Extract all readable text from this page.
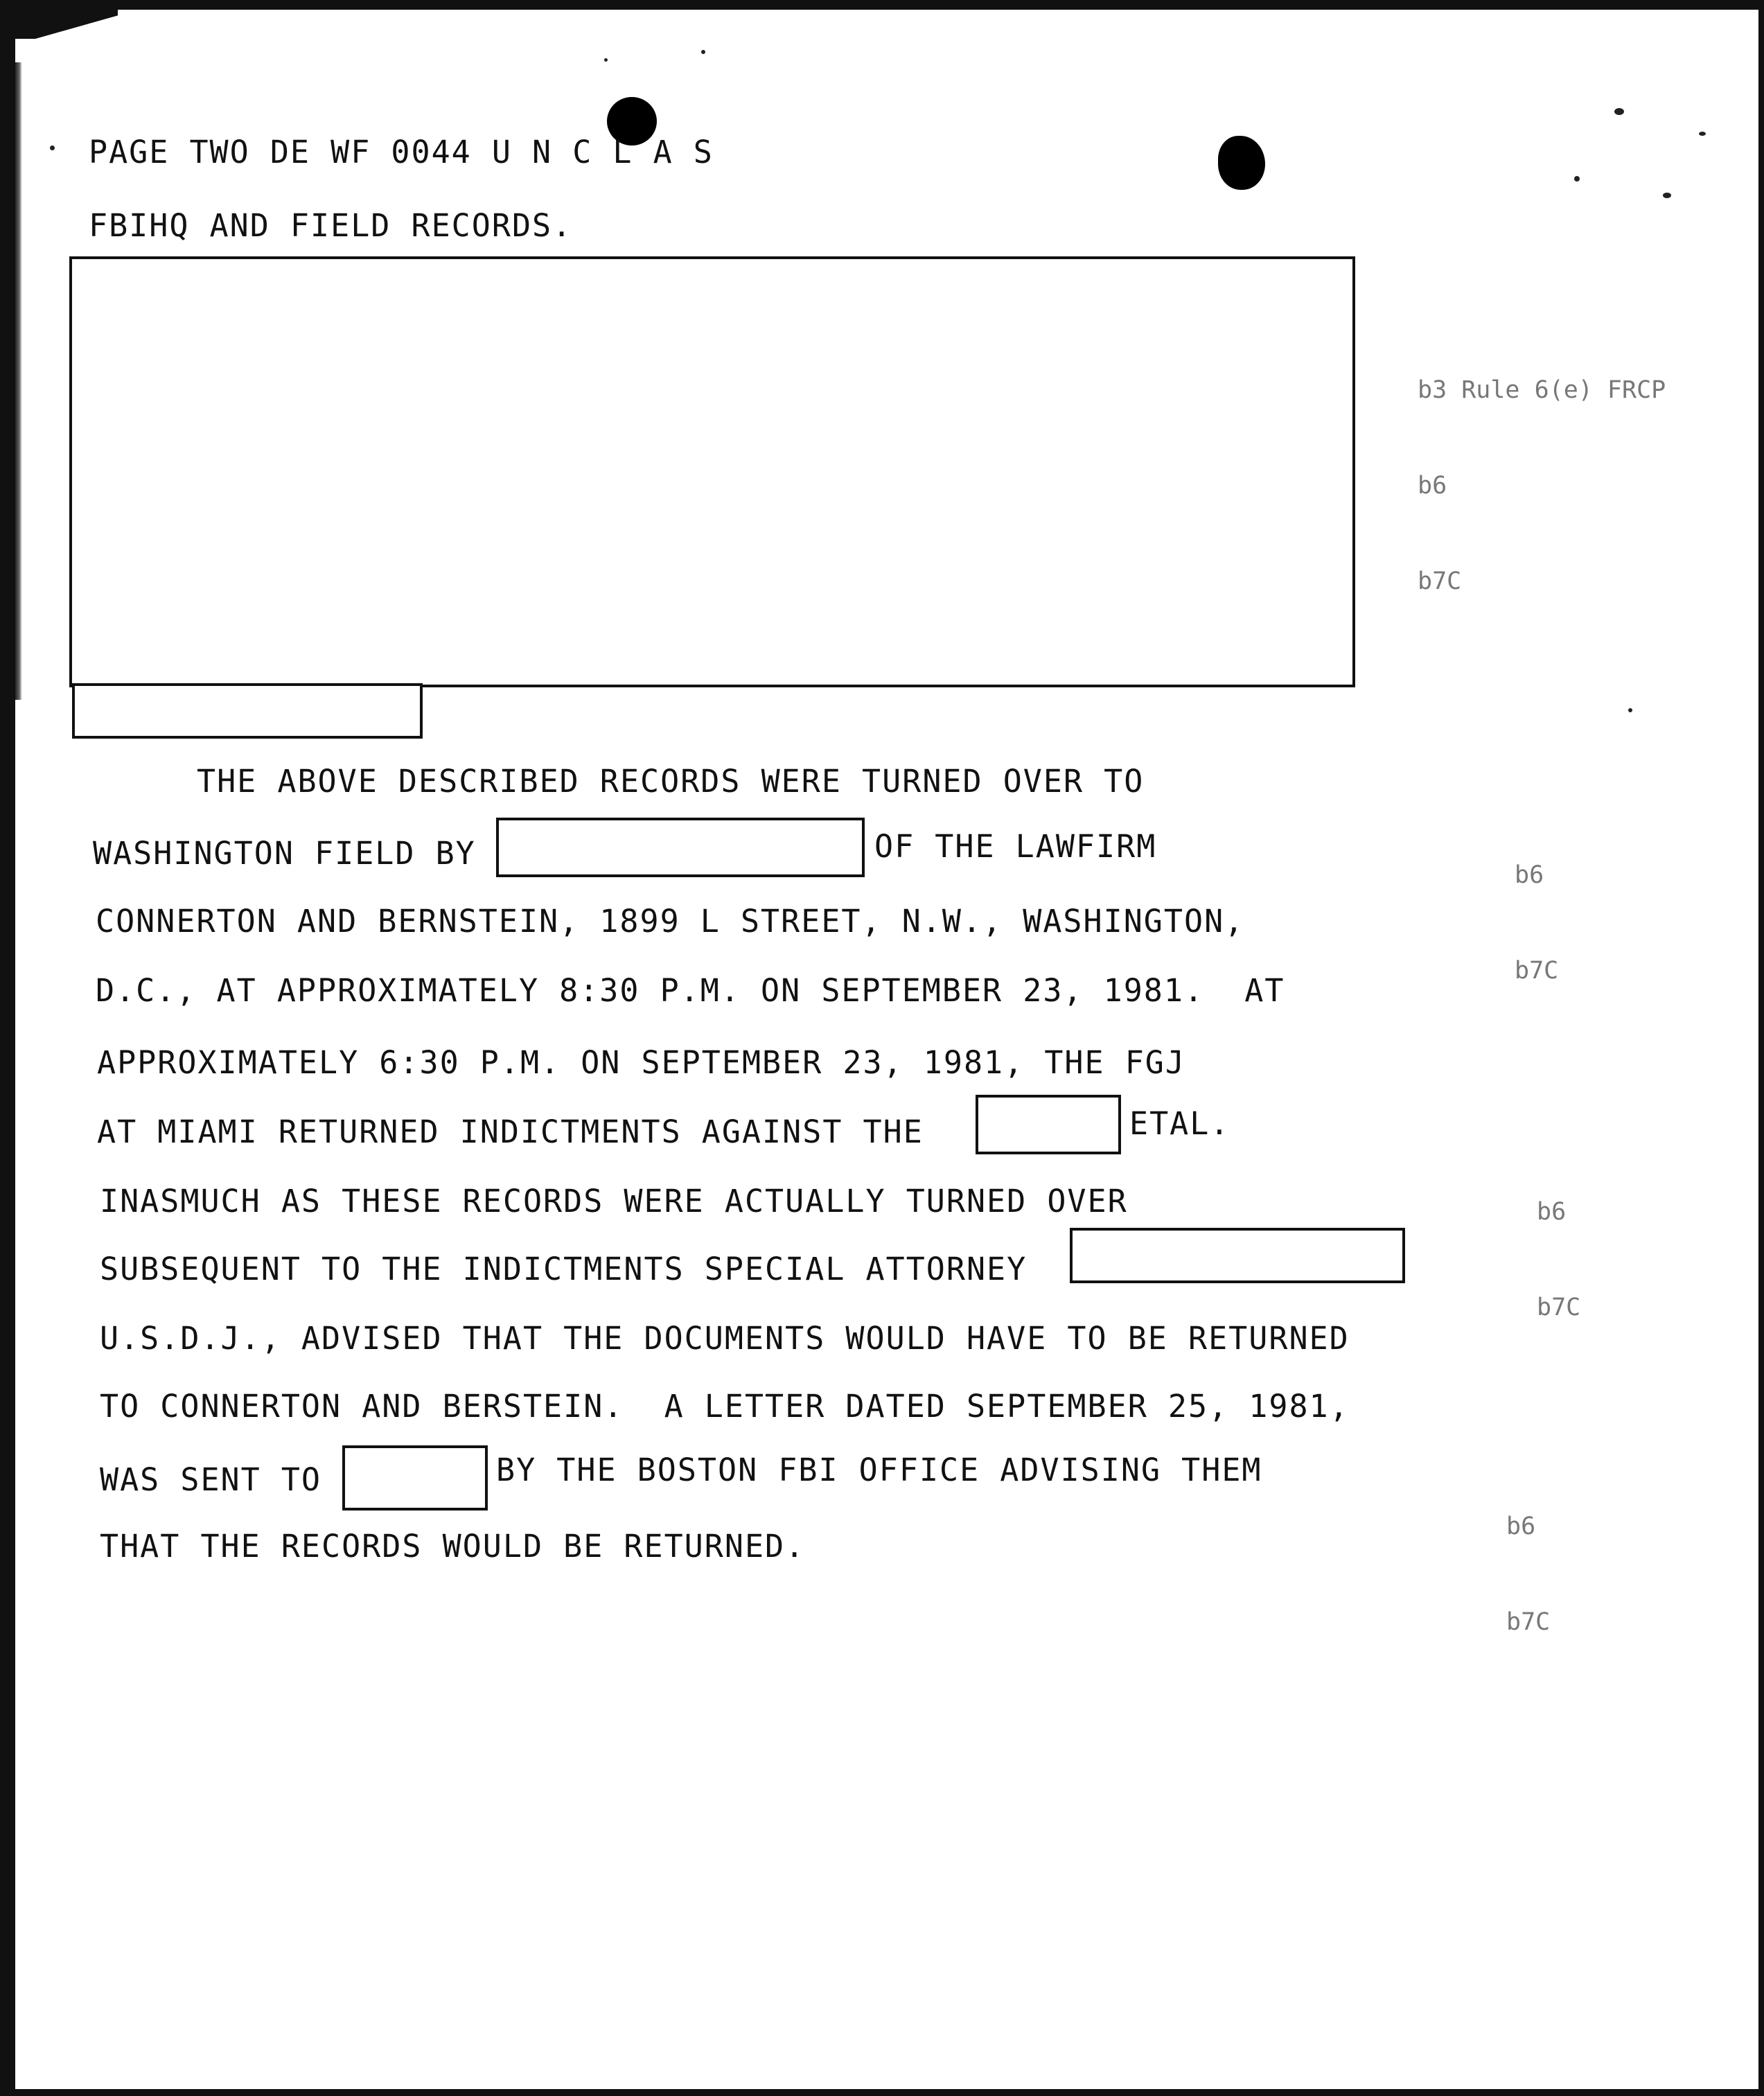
PAGE TWO DE WF 0044 U N C L A S
FBIHQ AND FIELD RECORDS.

b3 Rule 6(e) FRCP

b6

b7C

b6

b7C

b6

b7C

b6

b7C

THE ABOVE DESCRIBED RECORDS WERE TURNED OVER TO
WASHINGTON FIELD BY	OF THE LAWFIRM
CONNERTON AND BERNSTEIN, 1899 L STREET, N.W., WASHINGTON,
D.C., AT APPROXIMATELY 8:30 P.M. ON SEPTEMBER 23, 1981.  AT
APPROXIMATELY 6:30 P.M. ON SEPTEMBER 23, 1981, THE FGJ
AT MIAMI RETURNED INDICTMENTS AGAINST THE	ETAL.
INASMUCH AS THESE RECORDS WERE ACTUALLY TURNED OVER
SUBSEQUENT TO THE INDICTMENTS SPECIAL ATTORNEY
U.S.D.J., ADVISED THAT THE DOCUMENTS WOULD HAVE TO BE RETURNED
TO CONNERTON AND BERSTEIN.  A LETTER DATED SEPTEMBER 25, 1981,
WAS SENT TO	BY THE BOSTON FBI OFFICE ADVISING THEM
THAT THE RECORDS WOULD BE RETURNED.
